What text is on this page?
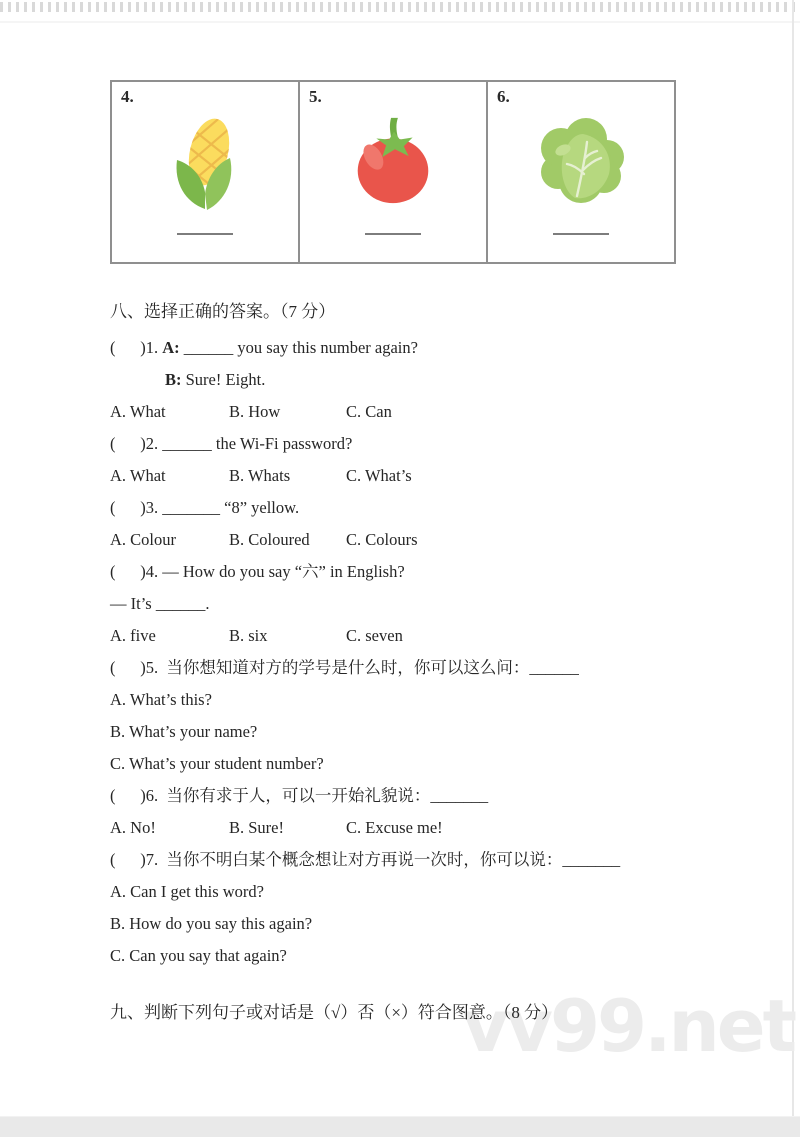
vv99.net
4.	5.	6.
八、选择正确的答案。（7 分）
(      )1. A: ______ you say this number again?
B: Sure! Eight.
A. What	B. How	C. Can
(      )2. ______ the Wi-Fi password?
A. What	B. Whats	C. What’s
(      )3. _______ “8” yellow.
A. Colour	B. Coloured C. Colours
(      )4. — How do you say “六” in English?
— It’s ______.
A. five	B. six	C. seven
(      )5.  当你想知道对方的学号是什么时，你可以这么问：______
A. What’s this?
B. What’s your name?
C. What’s your student number?
(      )6.  当你有求于人，可以一开始礼貌说：_______
A. No!	B. Sure!	C. Excuse me!
(      )7.  当你不明白某个概念想让对方再说一次时，你可以说：_______
A. Can I get this word?
B. How do you say this again?
C. Can you say that again?
九、判断下列句子或对话是（√）否（×）符合图意。（8 分）
